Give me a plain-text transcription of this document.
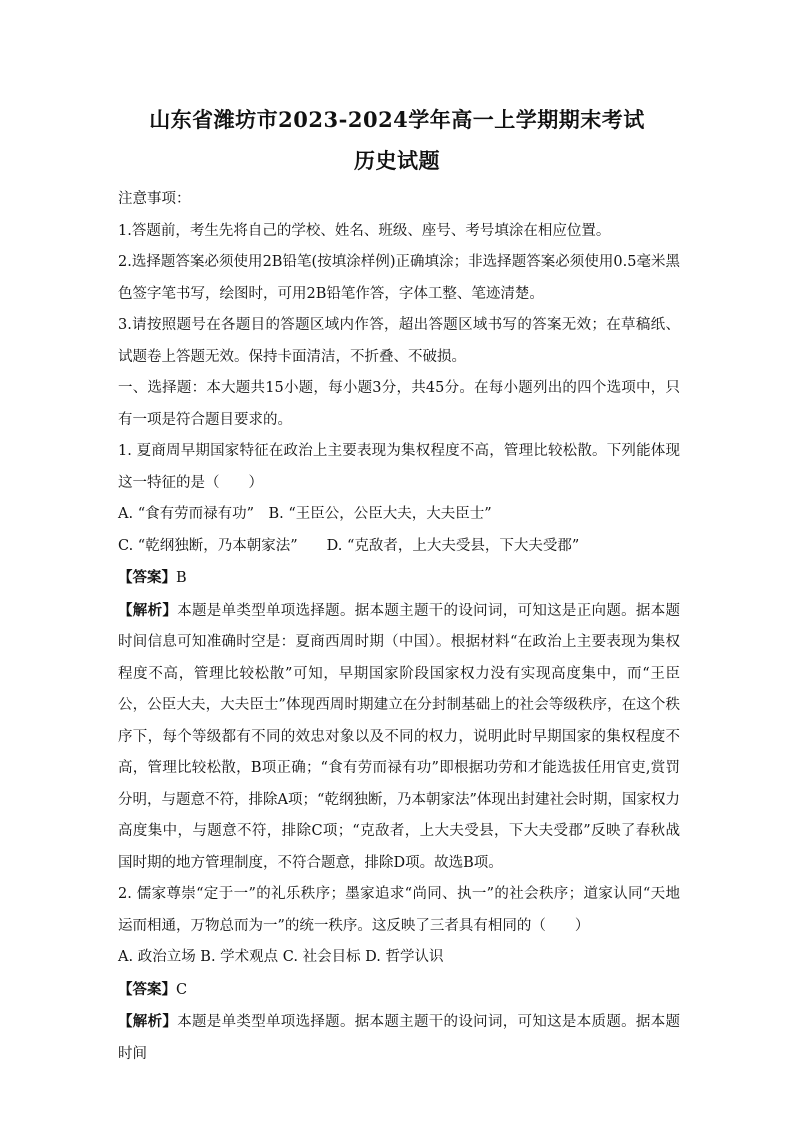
山东省潍坊市2023-2024学年高一上学期期末考试
历史试题

注意事项：

1.答题前，考生先将自己的学校、姓名、班级、座号、考号填涂在相应位置。

2.选择题答案必须使用2B铅笔(按填涂样例)正确填涂；非选择题答案必须使用0.5毫米黑色签字笔书写，绘图时，可用2B铅笔作答，字体工整、笔迹清楚。

3.请按照题号在各题目的答题区域内作答，超出答题区域书写的答案无效；在草稿纸、试题卷上答题无效。保持卡面清洁，不折叠、不破损。

一、选择题：本大题共15小题，每小题3分，共45分。在每小题列出的四个选项中，只有一项是符合题目要求的。

1. 夏商周早期国家特征在政治上主要表现为集权程度不高，管理比较松散。下列能体现这一特征的是（　　）

A. “食有劳而禄有功”　B. “王臣公，公臣大夫，大夫臣士”

C. “乾纲独断，乃本朝家法”　　D. “克敌者，上大夫受县，下大夫受郡”

【答案】B

【解析】本题是单类型单项选择题。据本题主题干的设问词，可知这是正向题。据本题时间信息可知准确时空是：夏商西周时期（中国）。根据材料“在政治上主要表现为集权程度不高，管理比较松散”可知，早期国家阶段国家权力没有实现高度集中，而“王臣公，公臣大夫，大夫臣士”体现西周时期建立在分封制基础上的社会等级秩序，在这个秩序下，每个等级都有不同的效忠对象以及不同的权力，说明此时早期国家的集权程度不高，管理比较松散，B项正确；“食有劳而禄有功”即根据功劳和才能选拔任用官吏,赏罚分明，与题意不符，排除A项；“乾纲独断，乃本朝家法”体现出封建社会时期，国家权力高度集中，与题意不符，排除C项；“克敌者，上大夫受县，下大夫受郡”反映了春秋战国时期的地方管理制度，不符合题意，排除D项。故选B项。

2. 儒家尊崇“定于一”的礼乐秩序；墨家追求“尚同、执一”的社会秩序；道家认同“天地运而相通，万物总而为一”的统一秩序。这反映了三者具有相同的（　　）

A. 政治立场 B. 学术观点 C. 社会目标 D. 哲学认识

【答案】C

【解析】本题是单类型单项选择题。据本题主题干的设问词，可知这是本质题。据本题时间
